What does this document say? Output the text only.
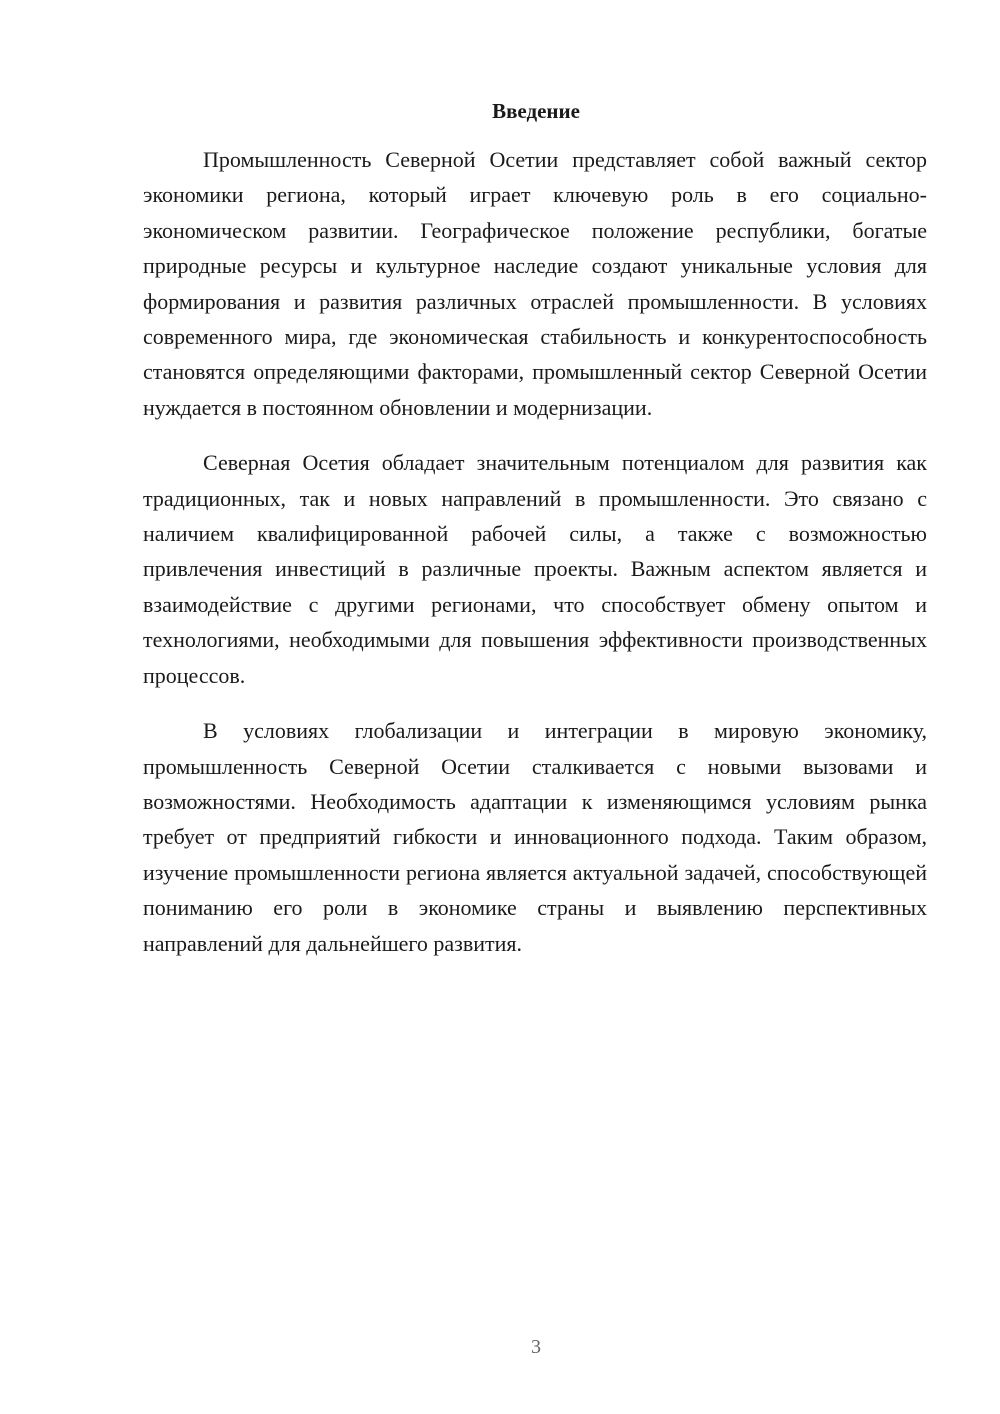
Введение

Промышленность Северной Осетии представляет собой важный сектор экономики региона, который играет ключевую роль в его социально-экономическом развитии. Географическое положение республики, богатые природные ресурсы и культурное наследие создают уникальные условия для формирования и развития различных отраслей промышленности. В условиях современного мира, где экономическая стабильность и конкурентоспособность становятся определяющими факторами, промышленный сектор Северной Осетии нуждается в постоянном обновлении и модернизации.

Северная Осетия обладает значительным потенциалом для развития как традиционных, так и новых направлений в промышленности. Это связано с наличием квалифицированной рабочей силы, а также с возможностью привлечения инвестиций в различные проекты. Важным аспектом является и взаимодействие с другими регионами, что способствует обмену опытом и технологиями, необходимыми для повышения эффективности производственных процессов.

В условиях глобализации и интеграции в мировую экономику, промышленность Северной Осетии сталкивается с новыми вызовами и возможностями. Необходимость адаптации к изменяющимся условиям рынка требует от предприятий гибкости и инновационного подхода. Таким образом, изучение промышленности региона является актуальной задачей, способствующей пониманию его роли в экономике страны и выявлению перспективных направлений для дальнейшего развития.

3
